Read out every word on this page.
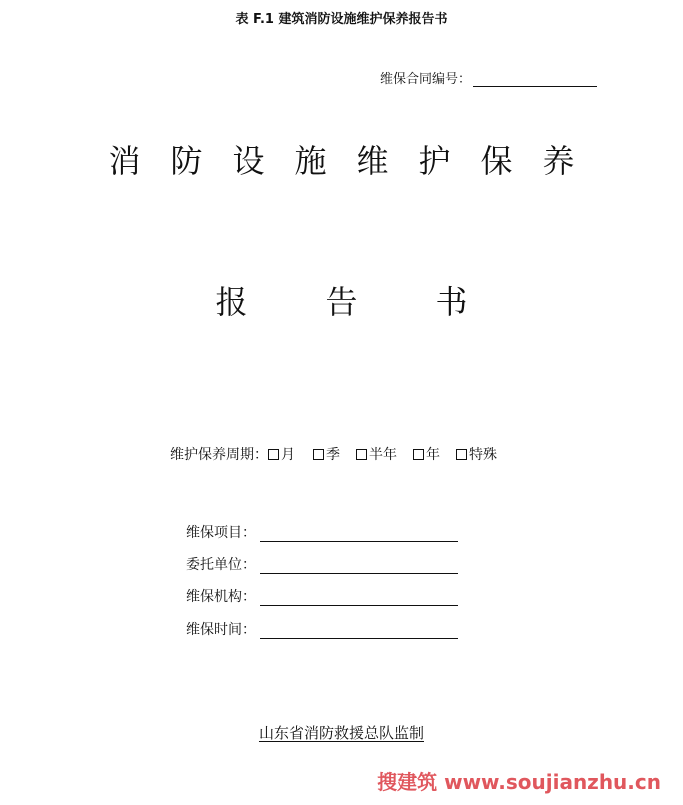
表 F.1 建筑消防设施维护保养报告书
维保合同编号：
消防设施维护保养
报告书
维护保养周期： 月 季 半年 年 特殊
维保项目：
委托单位：
维保机构：
维保时间：
山东省消防救援总队监制
搜建筑 www.soujianzhu.cn
